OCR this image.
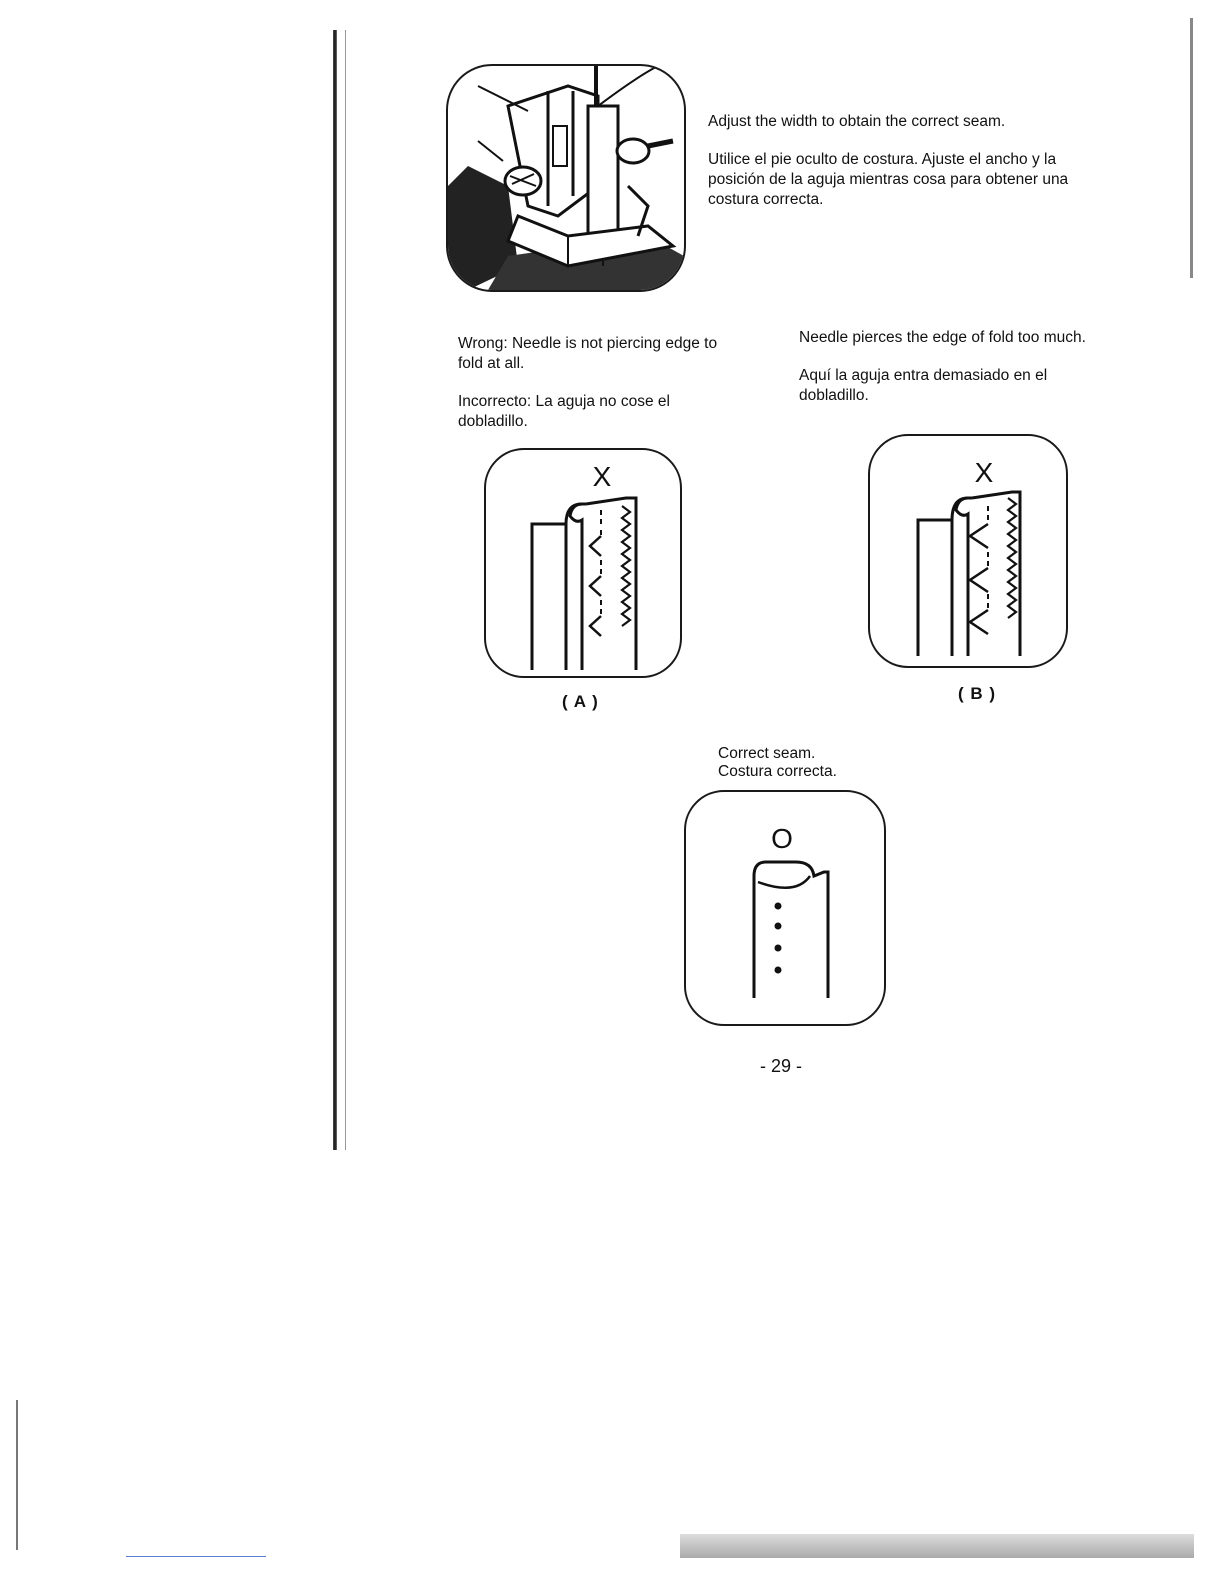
Adjust the width to obtain the correct seam.

Utilice el pie oculto de costura. Ajuste el ancho y la posición de la aguja mientras cosa para obtener una costura correcta.

Wrong: Needle is not piercing edge to fold at all.

Incorrecto: La aguja no cose el dobladillo.

Needle pierces the edge of fold too much.

Aquí la aguja entra demasiado en el dobladillo.

X
( A )
X
( B )

Correct seam.

Costura correcta.

O
- 29 -
